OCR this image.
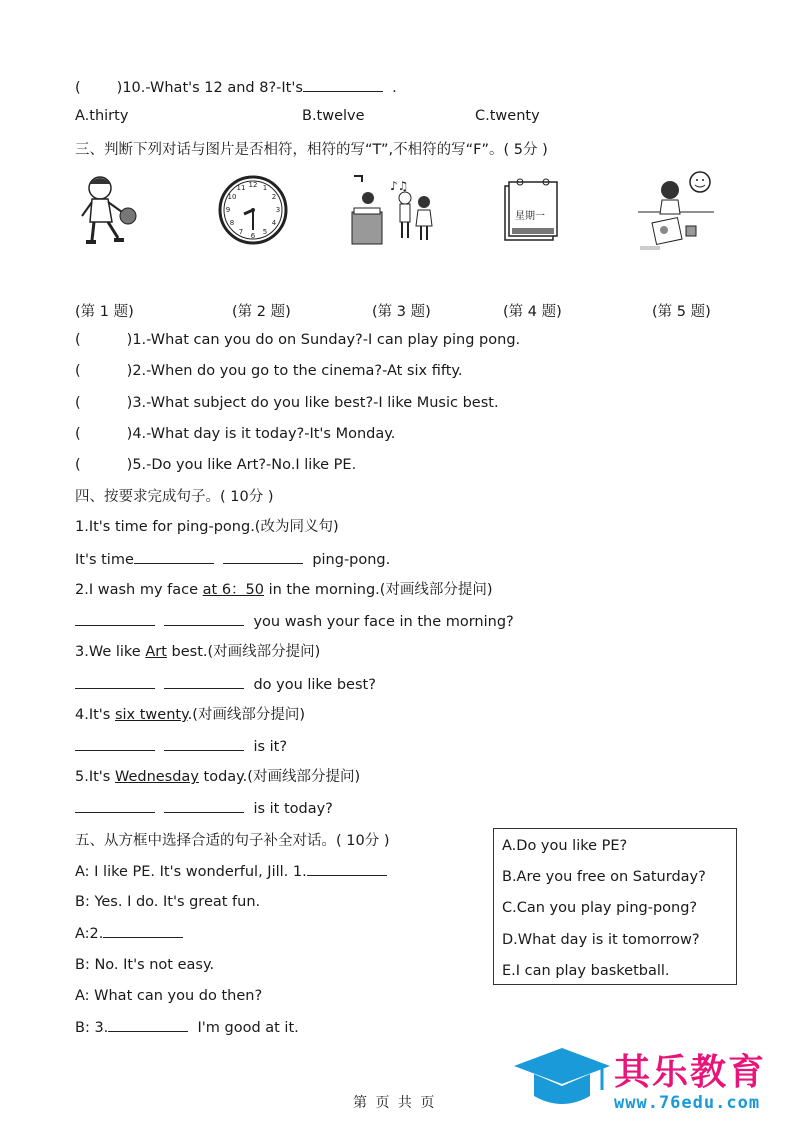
( )10.-What's 12 and 8?-It's	.
A.thirty	B.twelve	C.twenty
三、判断下列对话与图片是否相符，相符的写“T”,不相符的写“F”。( 5分 )
12 1
2
3
4
5
6
7
8
9
10
11	♪♫
星期一
(第 1 题)	(第 2 题)	(第 3 题)	(第 4 题)	(第 5 题)
(	)1.-What can you do on Sunday?-I can play ping pong.
(	)2.-When do you go to the cinema?-At six fifty.
(	)3.-What subject do you like best?-I like Music best.
(	)4.-What day is it today?-It's Monday.
(	)5.-Do you like Art?-No.I like PE.
四、按要求完成句子。( 10分 )
1.It's time for ping-pong.(改为同义句)
It's time	ping-pong.
2.I wash my face at 6：50 in the morning.(对画线部分提问)
you wash your face in the morning?
3.We like Art best.(对画线部分提问)
do you like best?
4.It's six twenty.(对画线部分提问)
is it?
5.It's Wednesday today.(对画线部分提问)
is it today?
五、从方框中选择合适的句子补全对话。( 10分 )
A: I like PE. It's wonderful, Jill. 1.
B: Yes. I do. It's great fun.
A:2.
B: No. It's not easy.
A: What can you do then?
B: 3.	I'm good at it.
A.Do you like PE?
B.Are you free on Saturday?
C.Can you play ping-pong?
D.What day is it tomorrow?
E.I can play basketball.
其乐教育
www.76edu.com
第 页 共 页
